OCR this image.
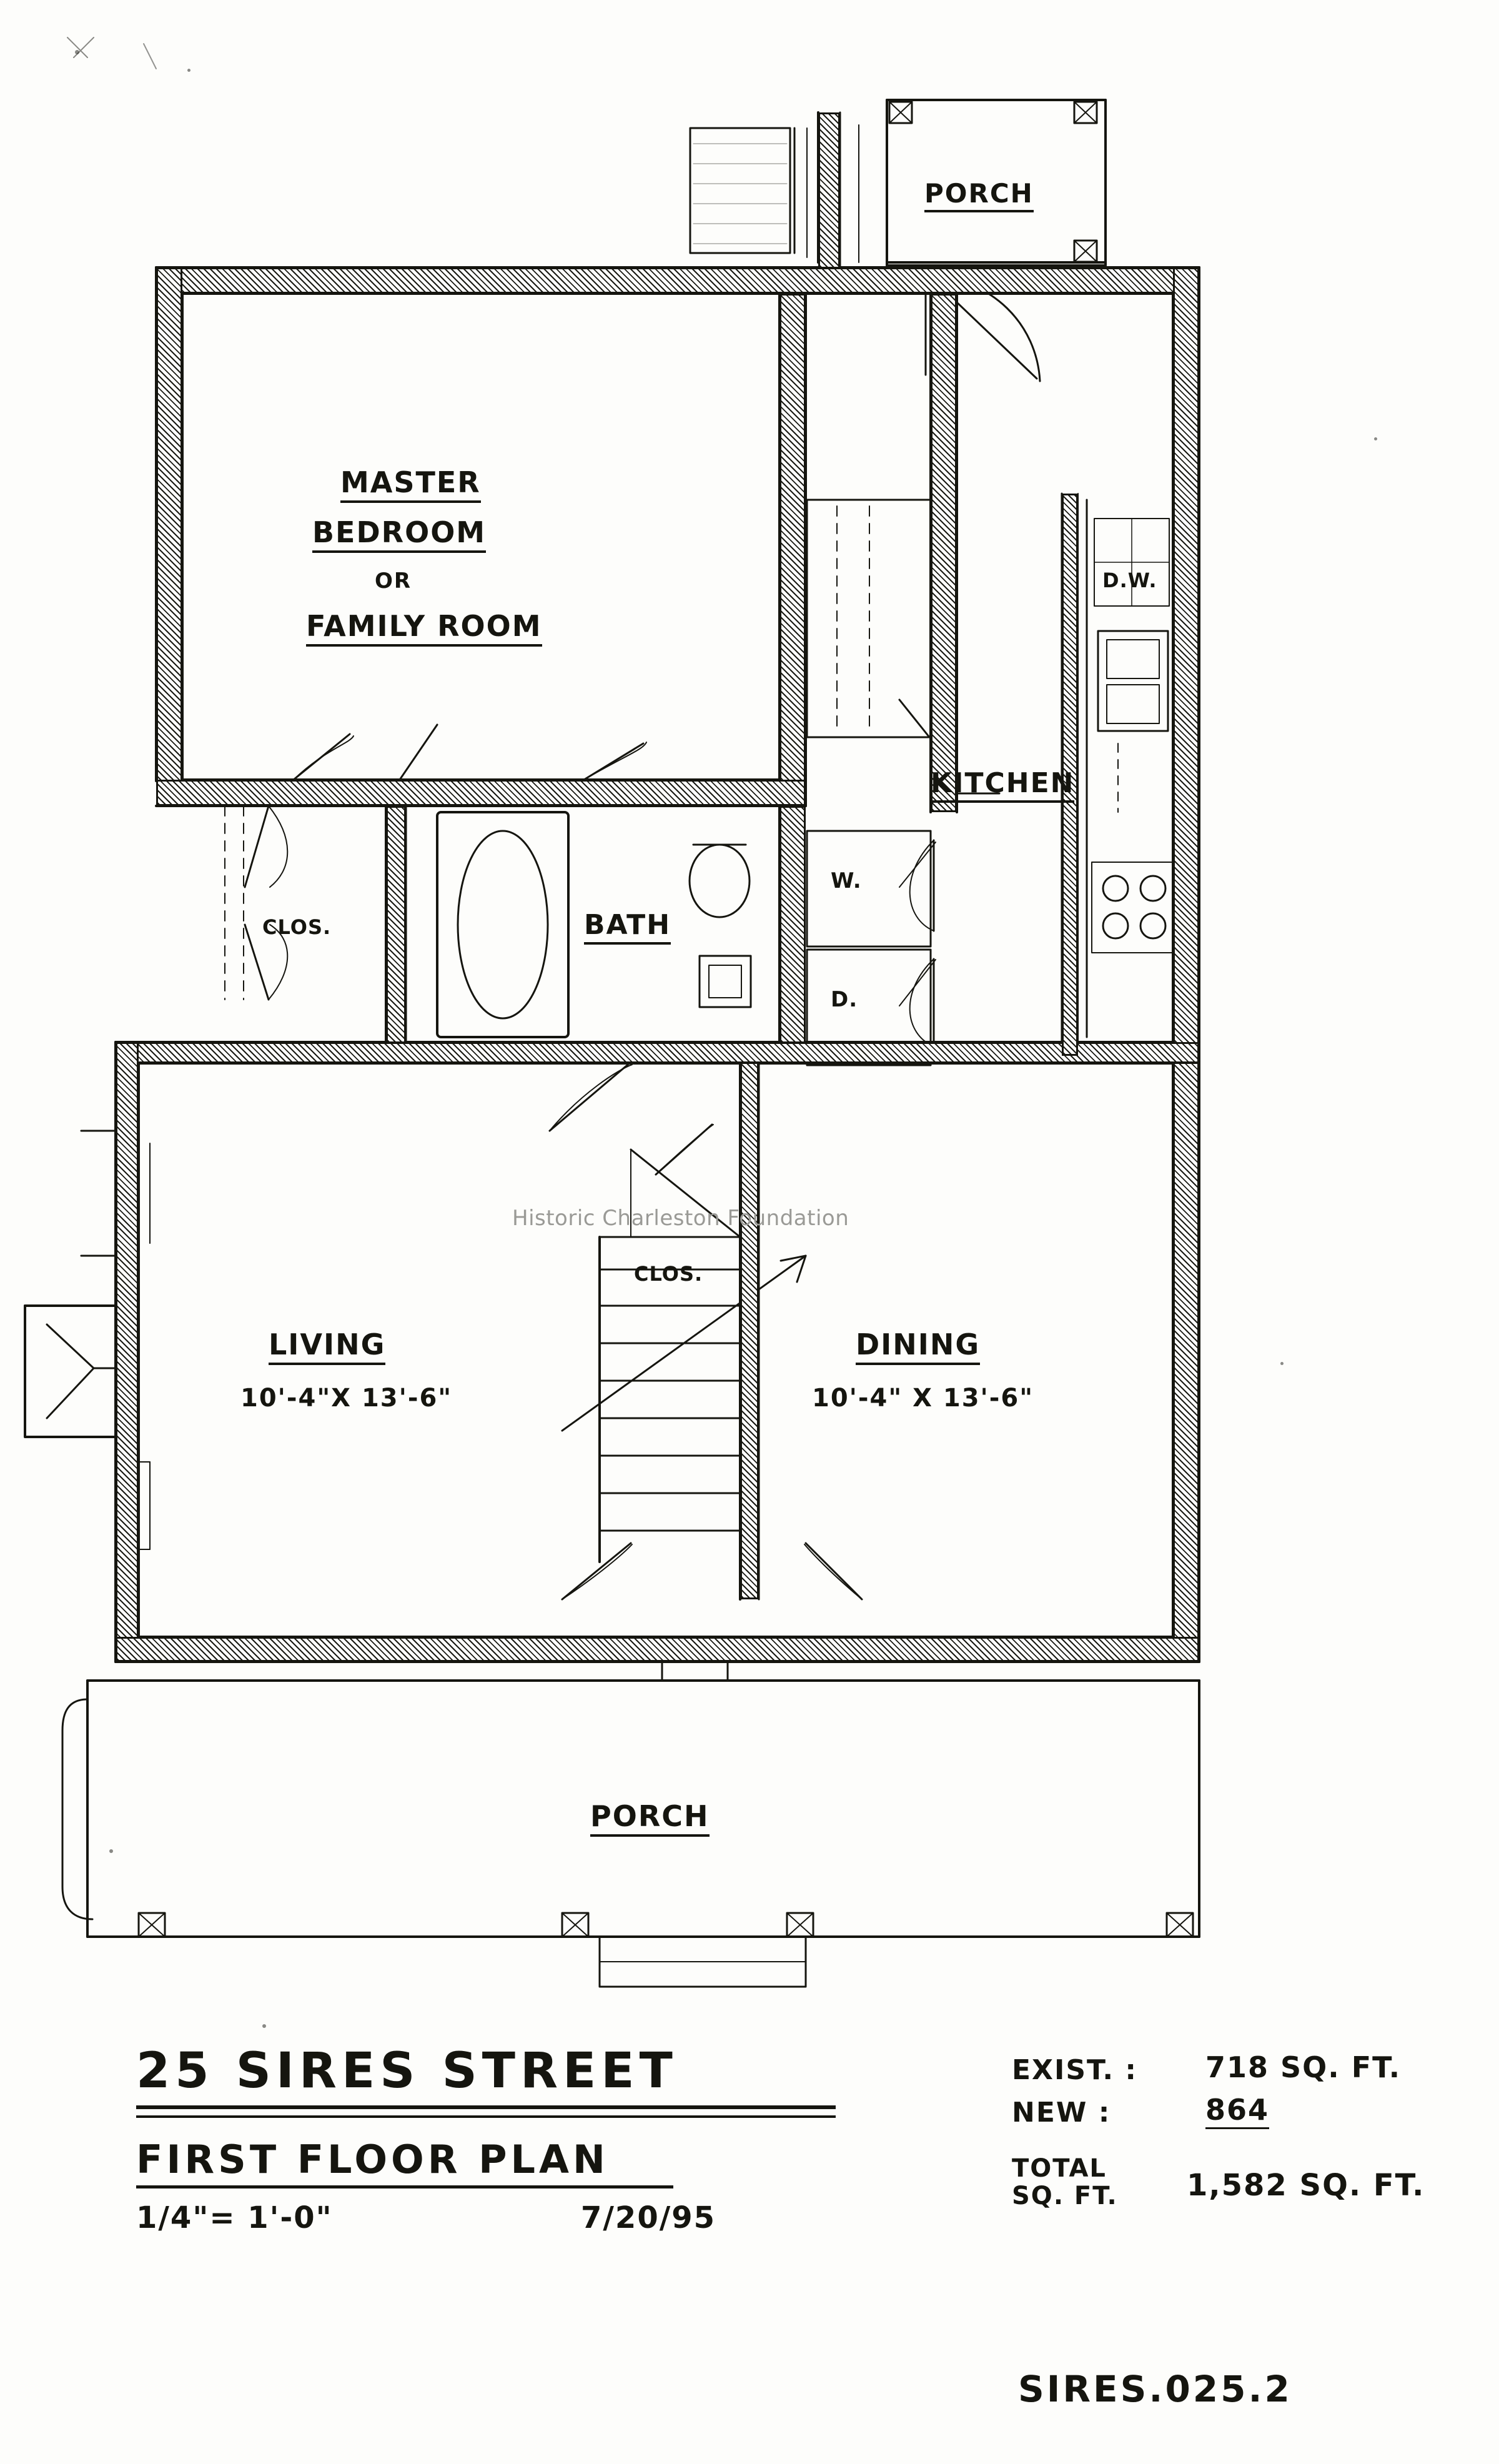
MASTER
BEDROOM
OR
FAMILY ROOM
KITCHEN
BATH
CLOS.
CLOS.
W.
D.
D.W.
LIVING
10'-4"X 13'-6"
DINING
10'-4" X 13'-6"
PORCH
PORCH
25 SIRES STREET
FIRST FLOOR PLAN
1/4"= 1'-0"	7/20/95
EXIST. : 718 SQ. FT.
NEW :	864
TOTAL
SQ. FT. 1,582 SQ. FT.
SIRES.025.2
Historic Charleston Foundation
